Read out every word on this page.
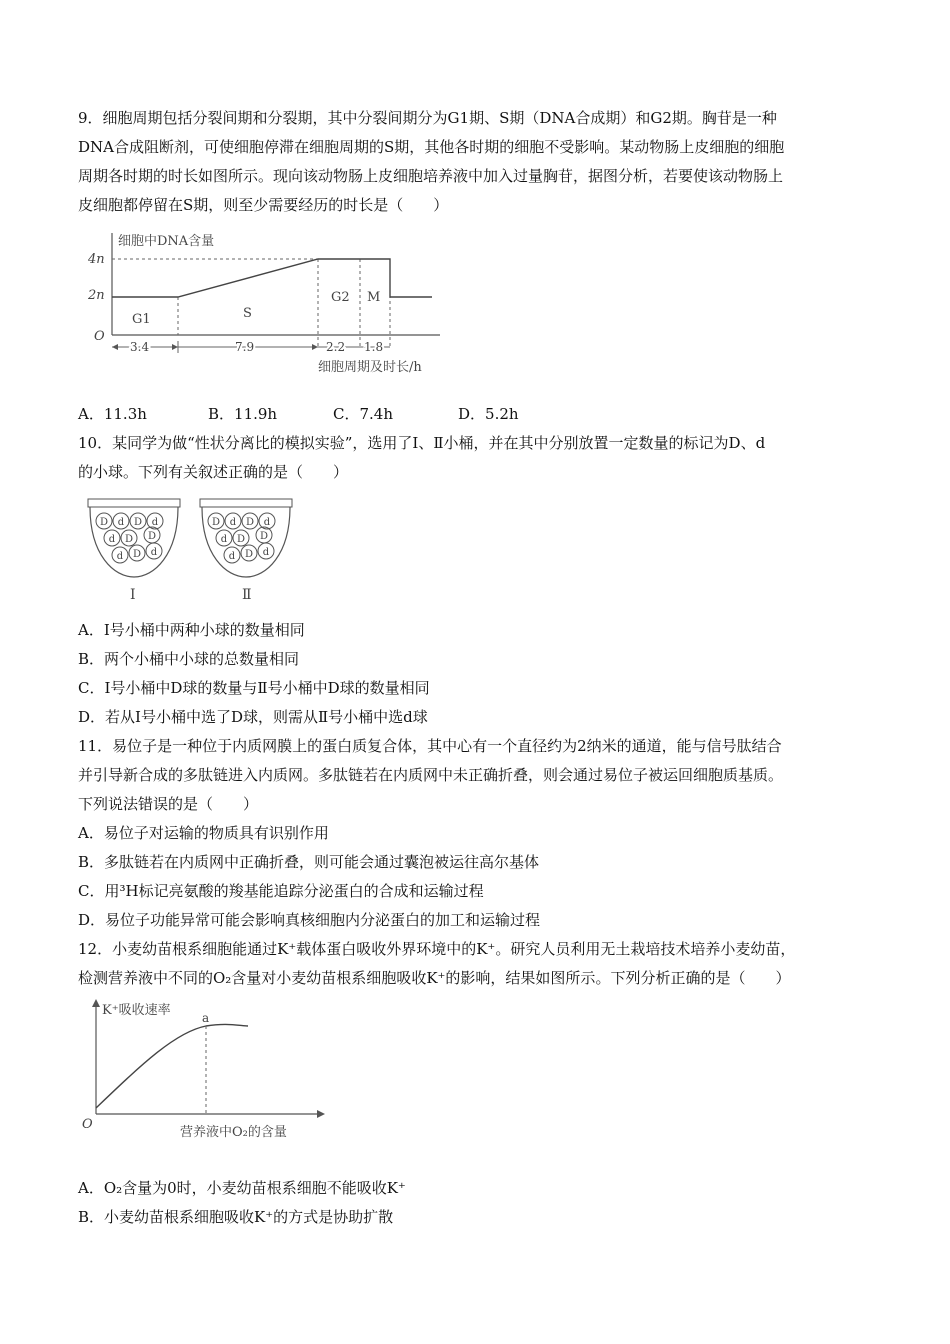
9．细胞周期包括分裂间期和分裂期，其中分裂间期分为G1期、S期（DNA合成期）和G2期。胸苷是一种
DNA合成阻断剂，可使细胞停滞在细胞周期的S期，其他各时期的细胞不受影响。某动物肠上皮细胞的细胞
周期各时期的时长如图所示。现向该动物肠上皮细胞培养液中加入过量胸苷，据图分析，若要使该动物肠上
皮细胞都停留在S期，则至少需要经历的时长是（　　）
细胞中DNA含量
4n
2n
O
G1	S
G2 M
3.4	7.9	2.2 1.8
细胞周期及时长/h
A．11.3h	B．11.9h	C．7.4h	D．5.2h
10．某同学为做“性状分离比的模拟实验”，选用了Ⅰ、Ⅱ小桶，并在其中分别放置一定数量的标记为D、d
的小球。下列有关叙述正确的是（　　）
D d D d
d D D
d D d
Ⅰ
D d D d
d D D
d D d
Ⅱ
A．Ⅰ号小桶中两种小球的数量相同
B．两个小桶中小球的总数量相同
C．Ⅰ号小桶中D球的数量与Ⅱ号小桶中D球的数量相同
D．若从Ⅰ号小桶中选了D球，则需从Ⅱ号小桶中选d球
11．易位子是一种位于内质网膜上的蛋白质复合体，其中心有一个直径约为2纳米的通道，能与信号肽结合
并引导新合成的多肽链进入内质网。多肽链若在内质网中未正确折叠，则会通过易位子被运回细胞质基质。
下列说法错误的是（　　）
A．易位子对运输的物质具有识别作用
B．多肽链若在内质网中正确折叠，则可能会通过囊泡被运往高尔基体
C．用³H标记亮氨酸的羧基能追踪分泌蛋白的合成和运输过程
D．易位子功能异常可能会影响真核细胞内分泌蛋白的加工和运输过程
12．小麦幼苗根系细胞能通过K⁺载体蛋白吸收外界环境中的K⁺。研究人员利用无土栽培技术培养小麦幼苗，
检测营养液中不同的O₂含量对小麦幼苗根系细胞吸收K⁺的影响，结果如图所示。下列分析正确的是（　　）
K⁺吸收速率
O
营养液中O₂的含量
a
A．O₂含量为0时，小麦幼苗根系细胞不能吸收K⁺
B．小麦幼苗根系细胞吸收K⁺的方式是协助扩散
